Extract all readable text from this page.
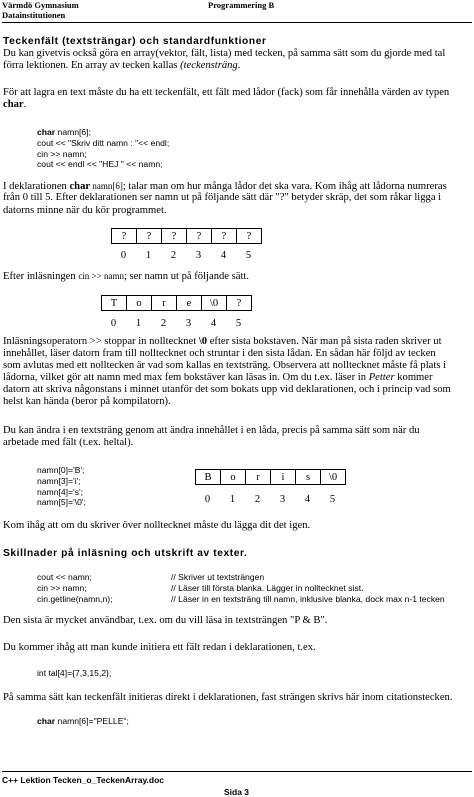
Värmdö Gymnasium
Datainstitutionen
Programmering B
Teckenfält (textsträngar) och standardfunktioner
Du kan givetvis också göra en array(vektor, fält, lista) med tecken, på samma sätt som du gjorde med tal
förra lektionen. En array av tecken kallas (teckensträng.
För att lagra en text måste du ha ett teckenfält, ett fält med lådor (fack) som får innehålla värden av typen
char.
char namn[6];
cout << "Skriv ditt namn : "<< endl;
cin >> namn;
cout << endl << "HEJ " << namn;
I deklarationen char namn[6]; talar man om hur många lådor det ska vara. Kom ihåg att lådorna numreras
från 0 till 5. Efter deklarationen ser namn ut på följande sätt där "?" betyder skräp, det som råkar ligga i
datorns minne när du kör programmet.
?	?	?	?	?	?
0 1 2 3 4 5
Efter inläsningen cin >> namn; ser namn ut på följande sätt.
T	o	r	e	\0	?
0 1 2 3 4 5
Inläsningsoperatorn >> stoppar in nolltecknet \0 efter sista bokstaven. När man på sista raden skriver ut
innehållet, läser datorn fram till nolltecknet och struntar i den sista lådan. En sådan här följd av tecken
som avlutas med ett nolltecken är vad som kallas en textsträng. Observera att nolltecknet måste få plats i
lådorna, vilket gör att namn med max fem bokstäver kan läsas in. Om du t.ex. läser in Petter kommer
datorn att skriva någonstans i minnet utanför det som bokats upp vid deklarationen, och i princip vad som
helst kan hända (beror på kompilatorn).
Du kan ändra i en textsträng genom att ändra innehållet i en låda, precis på samma sätt som när du
arbetade med fält (t.ex. heltal).
namn[0]='B';
namn[3]='i';
namn[4]='s';
namn[5]='\0';
B	o	r	i	s	\0
0 1 2 3 4 5
Kom ihåg att om du skriver över nolltecknet måste du lägga dit det igen.
Skillnader på inläsning och utskrift av texter.
cout << namn;	// Skriver ut textsträngen
cin >> namn;	// Läser till första blanka. Lägger in nolltecknet sist.
cin.getline(namn,n);	// Läser in en textsträng till namn, inklusive blanka, dock max n-1 tecken
Den sista är mycket användbar, t.ex. om du vill läsa in textsträngen "P & B".
Du kommer ihåg att man kunde initiera ett fält redan i deklarationen, t.ex.
int tal[4]={7,3,15,2};
På samma sätt kan teckenfält initieras direkt i deklarationen, fast strängen skrivs här inom citationstecken.
char namn[6]="PELLE";
C++ Lektion Tecken_o_TeckenArray.doc
Sida 3
